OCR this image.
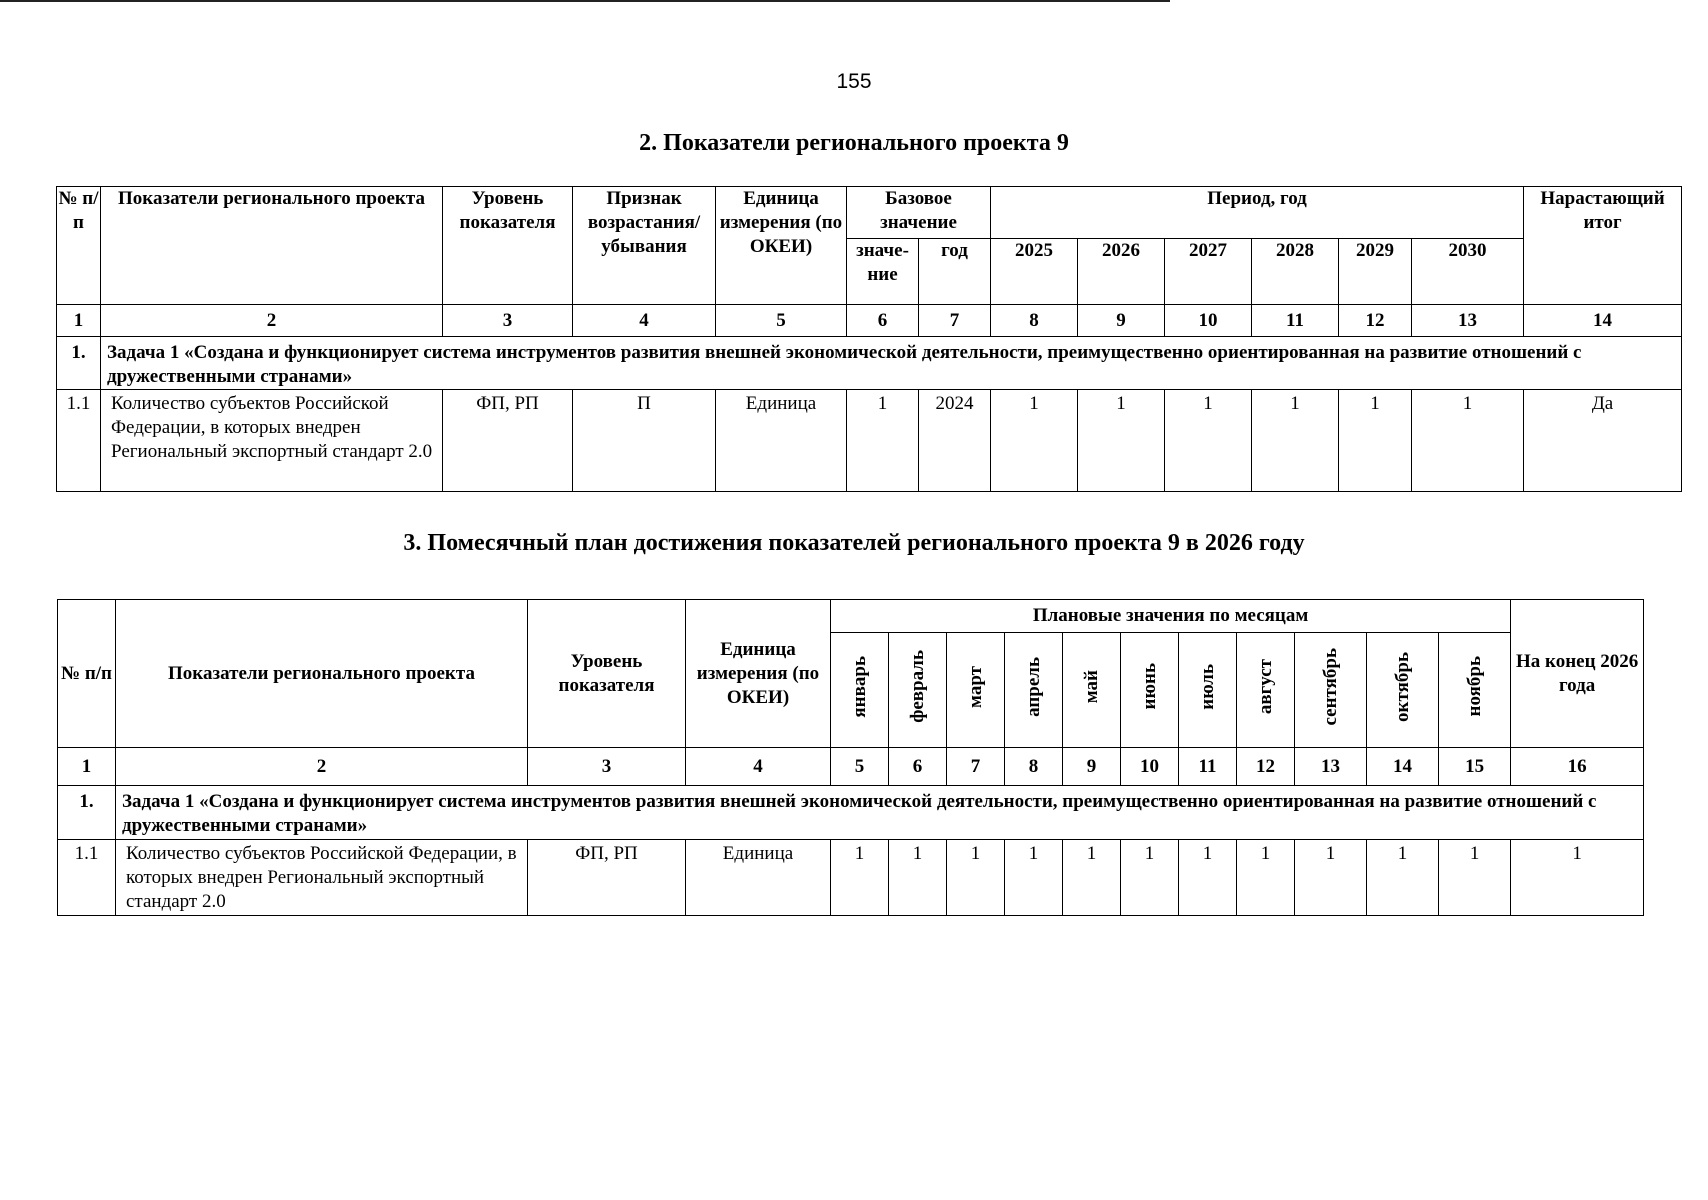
155
2. Показатели регионального проекта 9
№ п/п	Показатели регионального проекта	Уровень показателя	Признак возрастания/ убывания	Единица измерения (по ОКЕИ)	Базовое значение		Период, год						Нарастающий итог
					значе- ние	год	2025	2026	2027	2028	2029	2030	
1	2	3	4	5	6	7	8	9	10	11	12	13	14
1.	Задача 1 «Создана и функционирует система инструментов развития внешней экономической деятельности, преимущественно ориентированная на развитие отношений с дружественными странами»												

1.1	Количество субъектов Российской Федерации, в которых внедрен Региональный экспортный стандарт 2.0	ФП, РП	П	Единица	1	2024	1	1	1	1	1	1	Да
3. Помесячный план достижения показателей регионального проекта 9 в 2026 году
№ п/п	Показатели регионального проекта	Уровень показателя	Единица измерения (по ОКЕИ)	Плановые значения по месяцам											На конец 2026 года
				январь	февраль	март	апрель	май	июнь	июль	август	сентябрь	октябрь	ноябрь	
1	2	3	4	5	6	7	8	9	10	11	12	13	14	15	16
1.	Задача 1 «Создана и функционирует система инструментов развития внешней экономической деятельности, преимущественно ориентированная на развитие отношений с дружественными странами»														

1.1	Количество субъектов Российской Федерации, в которых внедрен Региональный экспортный стандарт 2.0	ФП, РП	Единица	1	1	1	1	1	1	1	1	1	1	1	1
